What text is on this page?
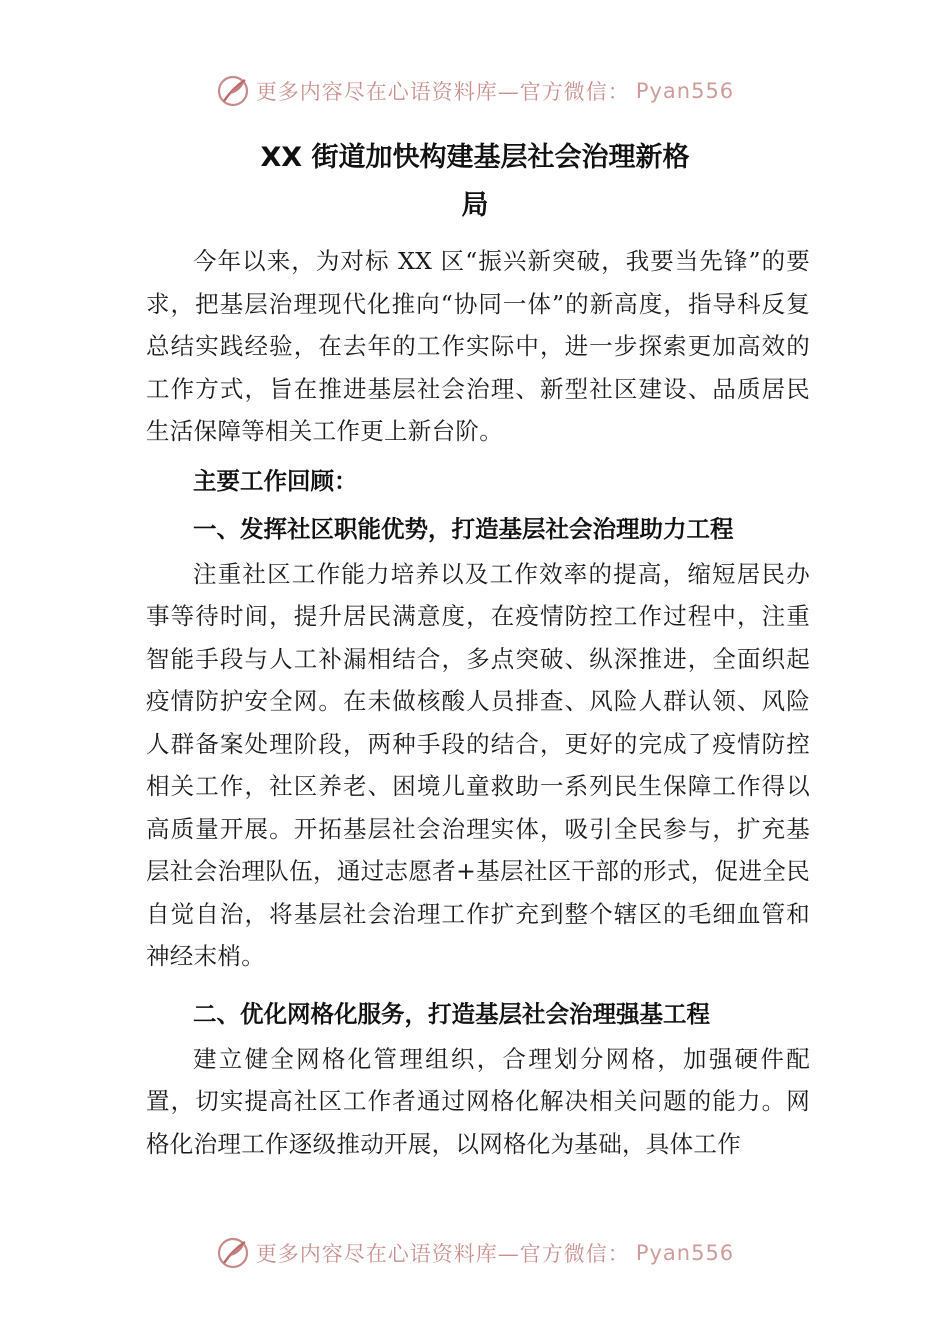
更多内容尽在心语资料库—官方微信： Pyan556
XX 街道加快构建基层社会治理新格
局

今年以来，为对标 XX 区“振兴新突破，我要当先锋”的要求，把基层治理现代化推向“协同一体”的新高度，指导科反复总结实践经验，在去年的工作实际中，进一步探索更加高效的工作方式，旨在推进基层社会治理、新型社区建设、品质居民生活保障等相关工作更上新台阶。

主要工作回顾：

一、发挥社区职能优势，打造基层社会治理助力工程

注重社区工作能力培养以及工作效率的提高，缩短居民办事等待时间，提升居民满意度，在疫情防控工作过程中，注重智能手段与人工补漏相结合，多点突破、纵深推进，全面织起疫情防护安全网。在未做核酸人员排查、风险人群认领、风险人群备案处理阶段，两种手段的结合，更好的完成了疫情防控相关工作，社区养老、困境儿童救助一系列民生保障工作得以高质量开展。开拓基层社会治理实体，吸引全民参与，扩充基层社会治理队伍，通过志愿者+基层社区干部的形式，促进全民自觉自治，将基层社会治理工作扩充到整个辖区的毛细血管和神经末梢。

二、优化网格化服务，打造基层社会治理强基工程

建立健全网格化管理组织，合理划分网格，加强硬件配置，切实提高社区工作者通过网格化解决相关问题的能力。网格化治理工作逐级推动开展，以网格化为基础，具体工作

更多内容尽在心语资料库—官方微信： Pyan556
